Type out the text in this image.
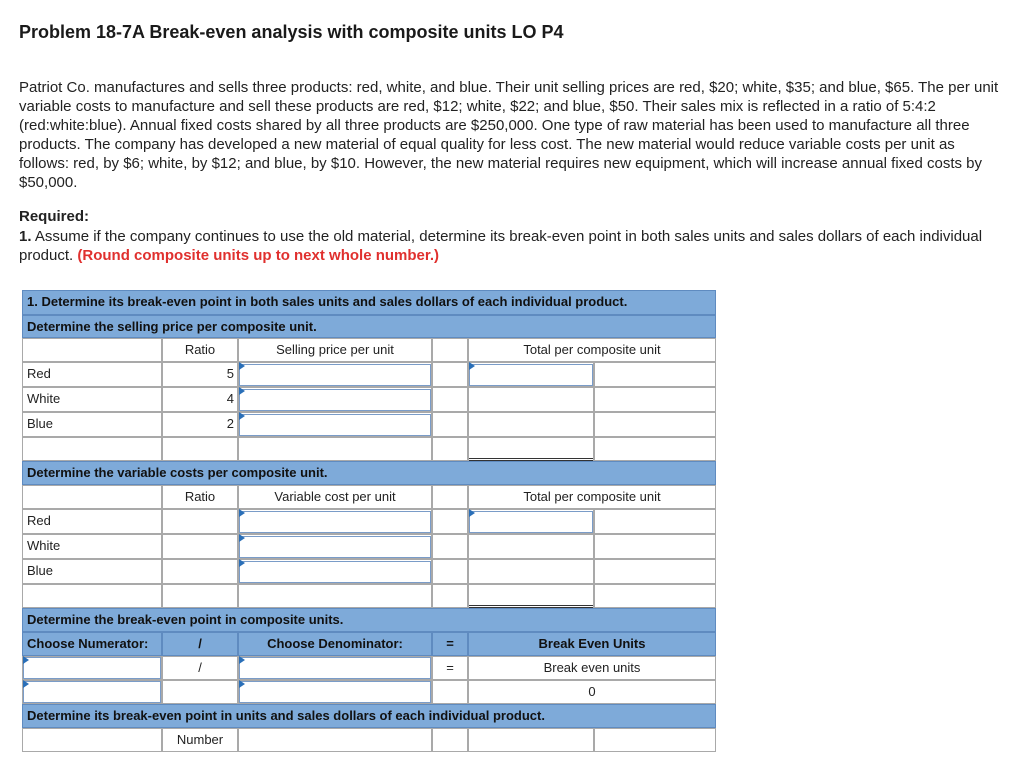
Problem 18-7A Break-even analysis with composite units LO P4
Patriot Co. manufactures and sells three products: red, white, and blue. Their unit selling prices are red, $20; white, $35; and blue, $65. The per unit variable costs to manufacture and sell these products are red, $12; white, $22; and blue, $50. Their sales mix is reflected in a ratio of 5:4:2 (red:white:blue). Annual fixed costs shared by all three products are $250,000. One type of raw material has been used to manufacture all three products. The company has developed a new material of equal quality for less cost. The new material would reduce variable costs per unit as follows: red, by $6; white, by $12; and blue, by $10. However, the new material requires new equipment, which will increase annual fixed costs by $50,000.
Required:
1. Assume if the company continues to use the old material, determine its break-even point in both sales units and sales dollars of each individual product. (Round composite units up to next whole number.)
1. Determine its break-even point in both sales units and sales dollars of each individual product.
Determine the selling price per composite unit.
Ratio	Selling price per unit	Total per composite unit
Red	5
White	4
Blue	2
Determine the variable costs per composite unit.
Ratio	Variable cost per unit	Total per composite unit
Red
White
Blue
Determine the break-even point in composite units.
Choose Numerator:	/	Choose Denominator:	=	Break Even Units
/	=	Break even units
0
Determine its break-even point in units and sales dollars of each individual product.
Number
